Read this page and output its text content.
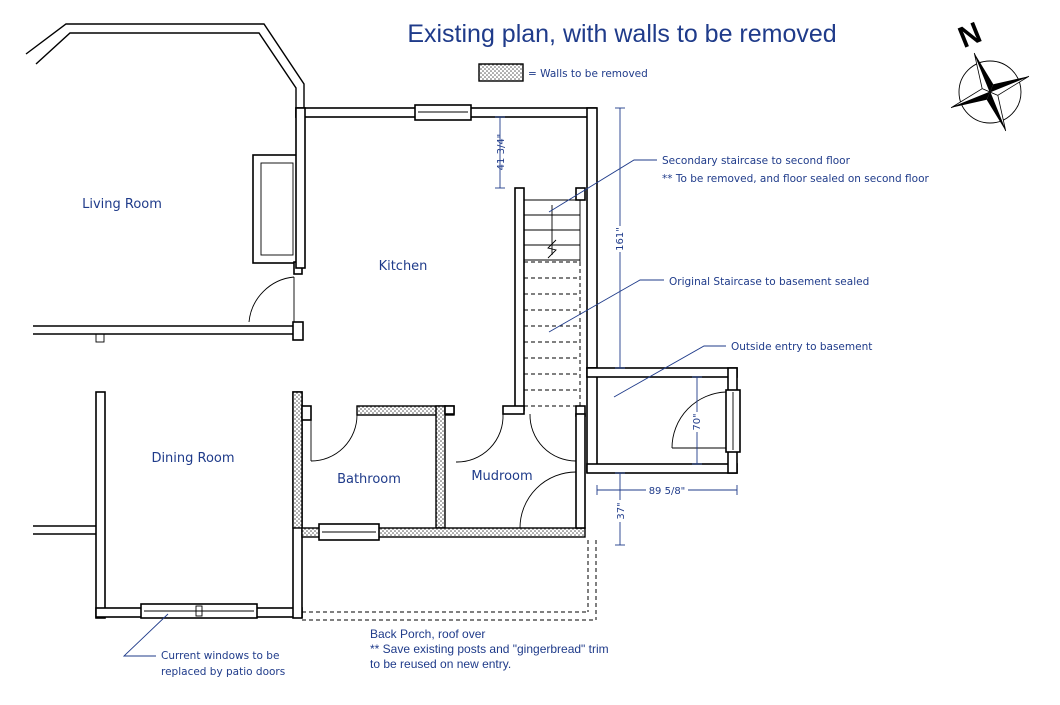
Existing plan, with walls to be removed
= Walls to be removed
N
41 3/4"
161"
70"
89 5/8"
37"
Living Room
Kitchen
Dining Room
Bathroom	Mudroom
Secondary staircase to second floor
** To be removed, and floor sealed on second floor
Original Staircase to basement sealed
Outside entry to basement
Current windows to be
replaced by patio doors
Back Porch, roof over
** Save existing posts and "gingerbread" trim
to be reused on new entry.
